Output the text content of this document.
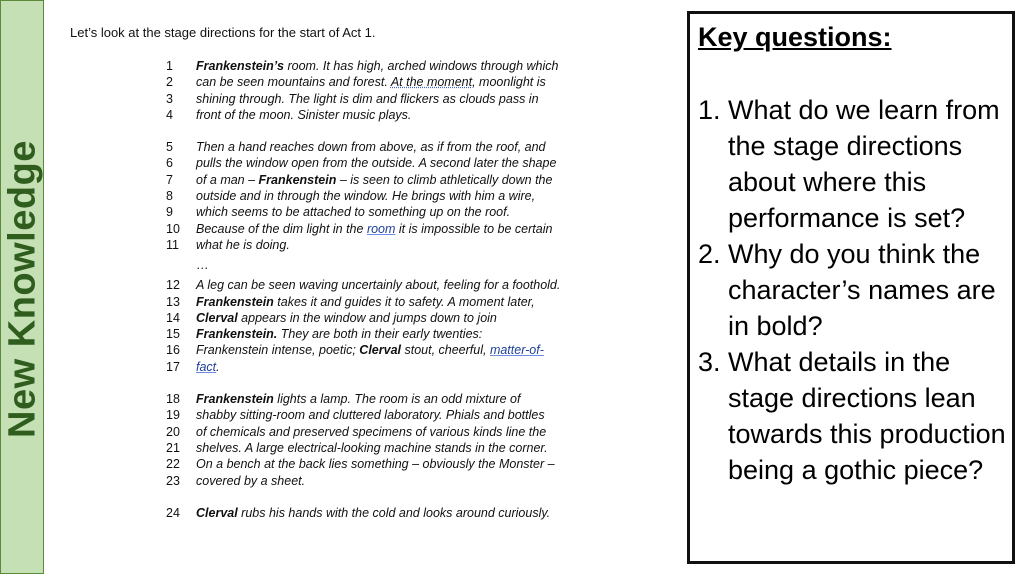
New Knowledge
Let’s look at the stage directions for the start of Act 1.
1	Frankenstein’s room. It has high, arched windows through which
2	can be seen mountains and forest. At the moment, moonlight is
3	shining through. The light is dim and flickers as clouds pass in
4	front of the moon. Sinister music plays.
5	Then a hand reaches down from above, as if from the roof, and
6	pulls the window open from the outside. A second later the shape
7	of a man – Frankenstein – is seen to climb athletically down the
8	outside and in through the window. He brings with him a wire,
9	which seems to be attached to something up on the roof.
10	Because of the dim light in the room it is impossible to be certain
11	what he is doing.
…
12	A leg can be seen waving uncertainly about, feeling for a foothold.
13	Frankenstein takes it and guides it to safety. A moment later,
14	Clerval appears in the window and jumps down to join
15	Frankenstein. They are both in their early twenties:
16	Frankenstein intense, poetic; Clerval stout, cheerful, matter-of-
17	fact.
18	Frankenstein lights a lamp. The room is an odd mixture of
19	shabby sitting-room and cluttered laboratory. Phials and bottles
20	of chemicals and preserved specimens of various kinds line the
21	shelves. A large electrical-looking machine stands in the corner.
22	On a bench at the back lies something – obviously the Monster –
23	covered by a sheet.
24	Clerval rubs his hands with the cold and looks around curiously.
Key questions:
1. What do we learn from the stage directions about where this performance is set?
2. Why do you think the character’s names are in bold?
3. What details in the stage directions lean towards this production being a gothic piece?
